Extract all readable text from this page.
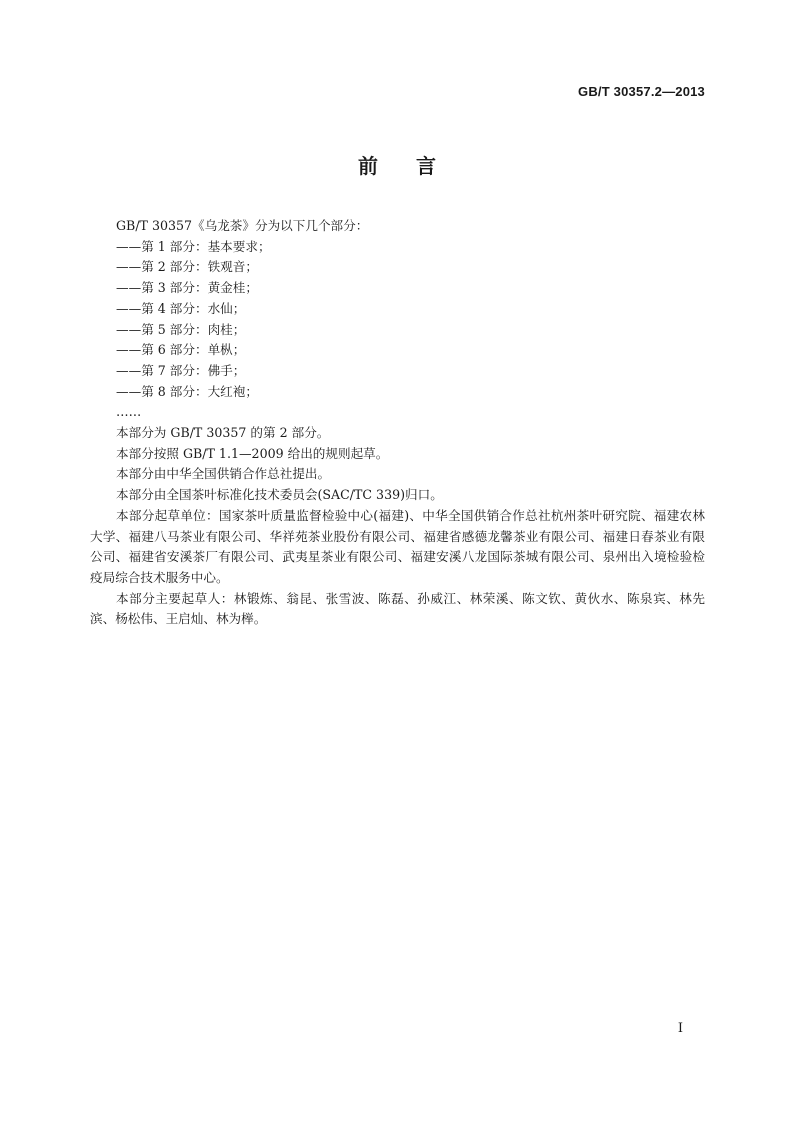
GB/T 30357.2—2013
前言

GB/T 30357《乌龙茶》分为以下几个部分：

——第 1 部分：基本要求；

——第 2 部分：铁观音；

——第 3 部分：黄金桂；

——第 4 部分：水仙；

——第 5 部分：肉桂；

——第 6 部分：单枞；

——第 7 部分：佛手；

——第 8 部分：大红袍；

……

本部分为 GB/T 30357 的第 2 部分。

本部分按照 GB/T 1.1—2009 给出的规则起草。

本部分由中华全国供销合作总社提出。

本部分由全国茶叶标准化技术委员会(SAC/TC 339)归口。

本部分起草单位：国家茶叶质量监督检验中心(福建)、中华全国供销合作总社杭州茶叶研究院、福建农林大学、福建八马茶业有限公司、华祥苑茶业股份有限公司、福建省感德龙馨茶业有限公司、福建日春茶业有限公司、福建省安溪茶厂有限公司、武夷星茶业有限公司、福建安溪八龙国际茶城有限公司、泉州出入境检验检疫局综合技术服务中心。

本部分主要起草人：林锻炼、翁昆、张雪波、陈磊、孙威江、林荣溪、陈文钦、黄伙水、陈泉宾、林先滨、杨松伟、王启灿、林为榉。

I
